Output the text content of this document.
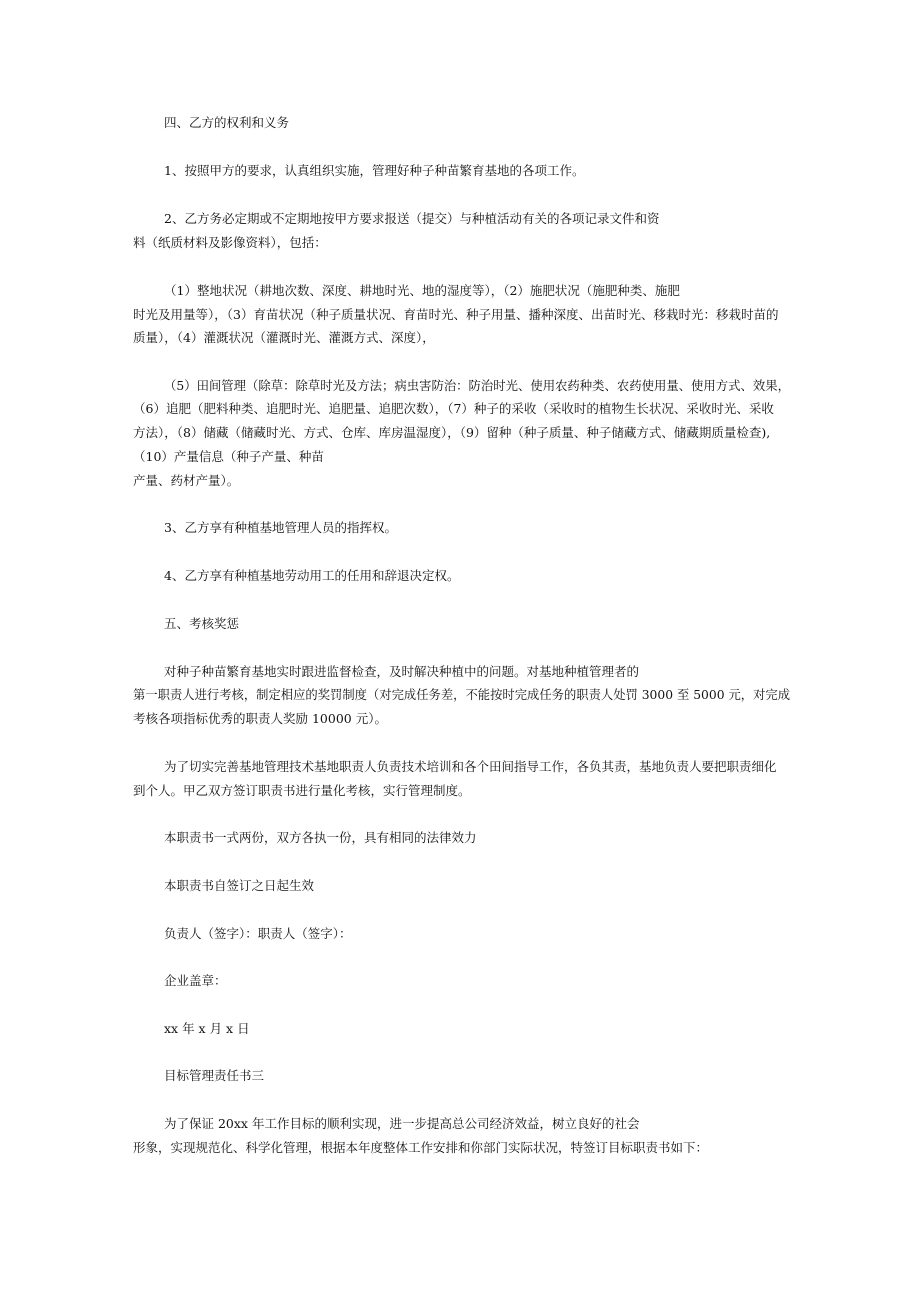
四、乙方的权利和义务
1、按照甲方的要求，认真组织实施，管理好种子种苗繁育基地的各项工作。
2、乙方务必定期或不定期地按甲方要求报送（提交）与种植活动有关的各项记录文件和资
料（纸质材料及影像资料），包括：
（1）整地状况（耕地次数、深度、耕地时光、地的湿度等），（2）施肥状况（施肥种类、施肥
时光及用量等），（3）育苗状况（种子质量状况、育苗时光、种子用量、播种深度、出苗时光、移栽时光：移栽时苗的
质量），（4）灌溉状况（灌溉时光、灌溉方式、深度），
（5）田间管理（除草：除草时光及方法；病虫害防治：防治时光、使用农药种类、农药使用量、使用方式、效果，
（6）追肥（肥料种类、追肥时光、追肥量、追肥次数），（7）种子的采收（采收时的植物生长状况、采收时光、采收
方法），（8）储藏（储藏时光、方式、仓库、库房温湿度），（9）留种（种子质量、种子储藏方式、储藏期质量检查),
（10）产量信息（种子产量、种苗
产量、药材产量）。
3、乙方享有种植基地管理人员的指挥权。
4、乙方享有种植基地劳动用工的任用和辞退决定权。
五、考核奖惩
对种子种苗繁育基地实时跟进监督检查，及时解决种植中的问题。对基地种植管理者的
第一职责人进行考核，制定相应的奖罚制度（对完成任务差，不能按时完成任务的职责人处罚 3000 至 5000 元，对完成
考核各项指标优秀的职责人奖励 10000 元）。
为了切实完善基地管理技术基地职责人负责技术培训和各个田间指导工作，各负其责，基地负责人要把职责细化
到个人。甲乙双方签订职责书进行量化考核，实行管理制度。
本职责书一式两份，双方各执一份，具有相同的法律效力
本职责书自签订之日起生效
负责人（签字）：职责人（签字）：
企业盖章：
xx 年 x 月 x 日
目标管理责任书三
为了保证 20xx 年工作目标的顺利实现，进一步提高总公司经济效益，树立良好的社会
形象，实现规范化、科学化管理，根据本年度整体工作安排和你部门实际状况，特签订目标职责书如下：
